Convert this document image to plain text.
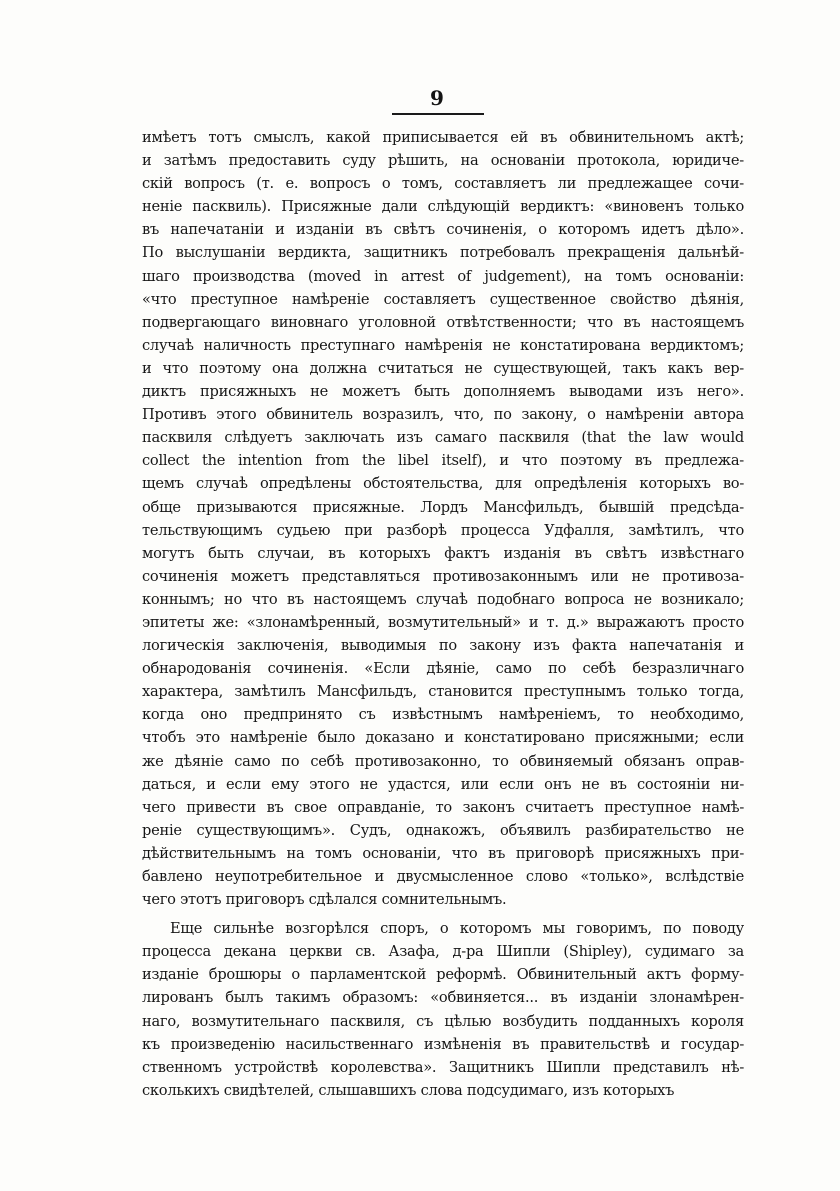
9
имѣетъ тотъ смыслъ, какой приписывается ей въ обвинительномъ актѣ;
и затѣмъ предоставить суду рѣшить, на основаніи протокола, юридиче-
скій вопросъ (т. е. вопросъ о томъ, составляетъ ли предлежащее сочи-
неніе пасквиль). Присяжные дали слѣдующій вердиктъ: «виновенъ только
въ напечатаніи и изданіи въ свѣтъ сочиненія, о которомъ идетъ дѣло».
По выслушаніи вердикта, защитникъ потребовалъ прекращенія дальнѣй-
шаго производства (moved in arrest of judgement), на томъ основаніи:
«что преступное намѣреніе составляетъ существенное свойство дѣянія,
подвергающаго виновнаго уголовной отвѣтственности; что въ настоящемъ
случаѣ наличность преступнаго намѣренія не констатирована вердиктомъ;
и что поэтому она должна считаться не существующей, такъ какъ вер-
диктъ присяжныхъ не можетъ быть дополняемъ выводами изъ него».
Противъ этого обвинитель возразилъ, что, по закону, о намѣреніи автора
пасквиля слѣдуетъ заключать изъ самаго пасквиля (that the law would
collect the intention from the libel itself), и что поэтому въ предлежа-
щемъ случаѣ опредѣлены обстоятельства, для опредѣленія которыхъ во-
обще призываются присяжные. Лордъ Мансфильдъ, бывшій предсѣда-
тельствующимъ судьею при разборѣ процесса Удфалля, замѣтилъ, что
могутъ быть случаи, въ которыхъ фактъ изданія въ свѣтъ извѣстнаго
сочиненія можетъ представляться противозаконнымъ или не противоза-
коннымъ; но что въ настоящемъ случаѣ подобнаго вопроса не возникало;
эпитеты же: «злонамѣренный, возмутительный» и т. д.» выражаютъ просто
логическія заключенія, выводимыя по закону изъ факта напечатанія и
обнародованія сочиненія. «Если дѣяніе, само по себѣ безразличнаго
характера, замѣтилъ Мансфильдъ, становится преступнымъ только тогда,
когда оно предпринято съ извѣстнымъ намѣреніемъ, то необходимо,
чтобъ это намѣреніе было доказано и констатировано присяжными; если
же дѣяніе само по себѣ противозаконно, то обвиняемый обязанъ оправ-
даться, и если ему этого не удастся, или если онъ не въ состояніи ни-
чего привести въ свое оправданіе, то законъ считаетъ преступное намѣ-
реніе существующимъ». Судъ, однакожъ, объявилъ разбирательство не
дѣйствительнымъ на томъ основаніи, что въ приговорѣ присяжныхъ при-
бавлено неупотребительное и двусмысленное слово «только», вслѣдствіе
чего этотъ приговоръ сдѣлался сомнительнымъ.
Еще сильнѣе возгорѣлся споръ, о которомъ мы говоримъ, по поводу
процесса декана церкви св. Азафа, д-ра Шипли (Shipley), судимаго за
изданіе брошюры о парламентской реформѣ. Обвинительный актъ форму-
лированъ былъ такимъ образомъ: «обвиняется... въ изданіи злонамѣрен-
наго, возмутительнаго пасквиля, съ цѣлью возбудить подданныхъ короля
къ произведенію насильственнаго измѣненія въ правительствѣ и государ-
ственномъ устройствѣ королевства». Защитникъ Шипли представилъ нѣ-
сколькихъ свидѣтелей, слышавшихъ слова подсудимаго, изъ которыхъ
